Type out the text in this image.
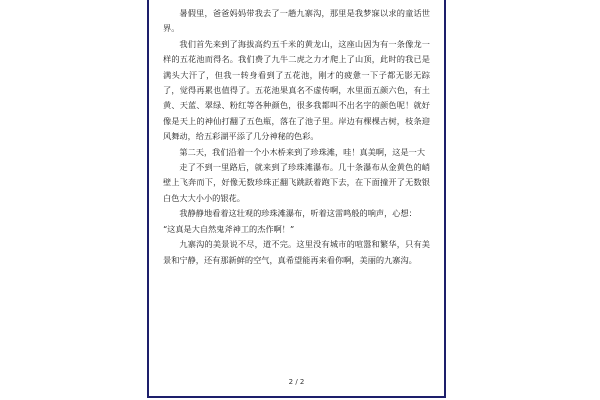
暑假里，爸爸妈妈带我去了一趟九寨沟，那里是我梦寐以求的童话世界。

我们首先来到了海拔高约五千米的黄龙山，这座山因为有一条像龙一样的五花池而得名。我们费了九牛二虎之力才爬上了山顶，此时的我已是满头大汗了，但我一转身看到了五花池，刚才的疲惫一下子都无影无踪了，觉得再累也值得了。五花池果真名不虚传啊，水里面五颜六色，有土黄、天蓝、翠绿、粉红等各种颜色，很多我都叫不出名字的颜色呢！就好像是天上的神仙打翻了五色瓶，落在了池子里。岸边有棵棵古树，枝条迎风舞动，给五彩湖平添了几分神秘的色彩。

第二天，我们沿着一个小木桥来到了珍珠滩，哇！真美啊，这是一大

走了不到一里路后，就来到了珍珠滩瀑布。几十条瀑布从金黄色的峭壁上飞奔而下，好像无数珍珠正翻飞跳跃着跑下去，在下面撞开了无数银白色大大小小的银花。

我静静地看着这壮观的珍珠滩瀑布，听着这雷鸣般的响声，心想：

“这真是大自然鬼斧神工的杰作啊！”

九寨沟的美景说不尽，道不完。这里没有城市的喧嚣和繁华，只有美景和宁静，还有那新鲜的空气，真希望能再来看你啊，美丽的九寨沟。

2 / 2
